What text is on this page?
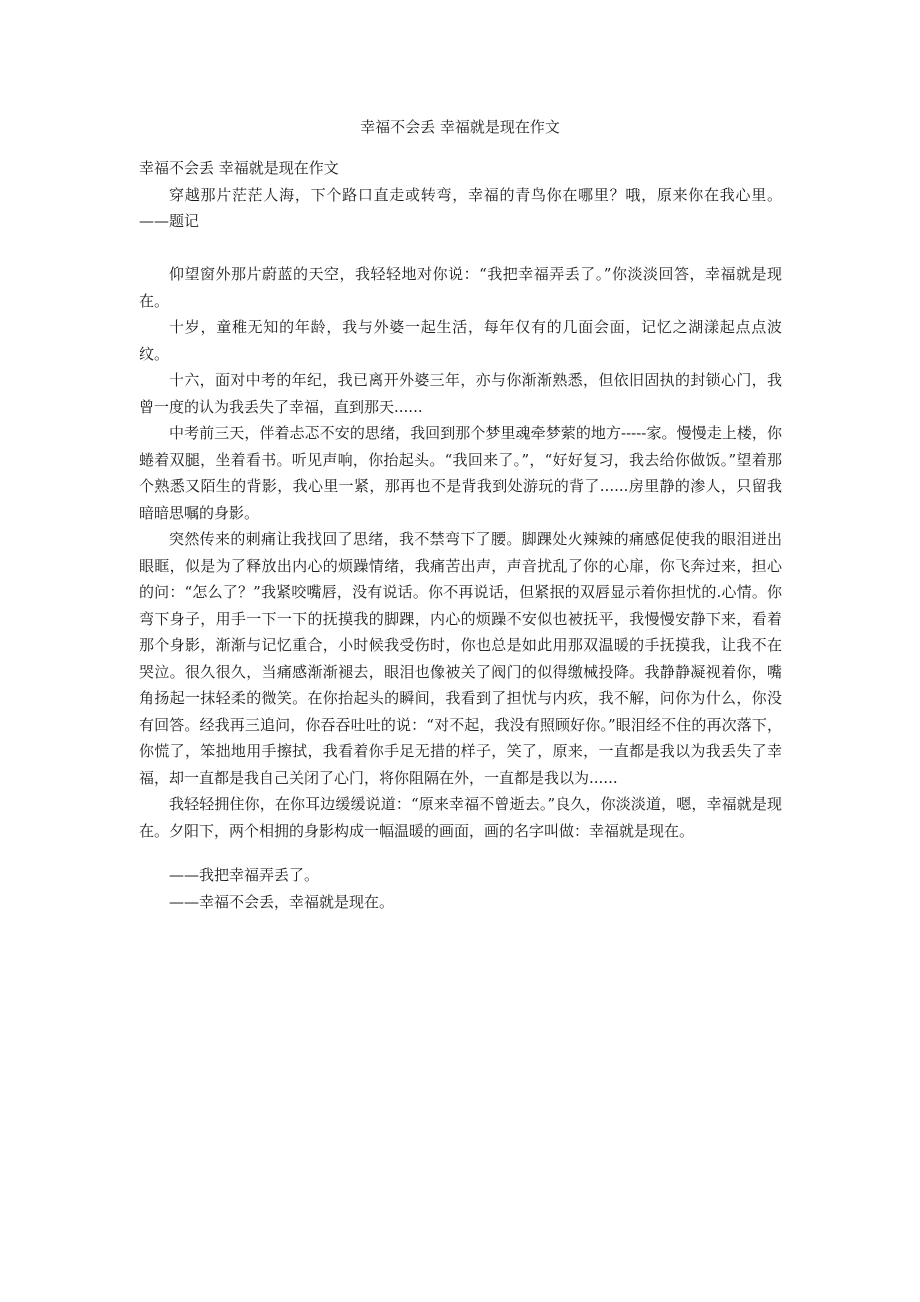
幸福不会丢 幸福就是现在作文

幸福不会丢 幸福就是现在作文

穿越那片茫茫人海，下个路口直走或转弯，幸福的青鸟你在哪里？哦，原来你在我心里。——题记

仰望窗外那片蔚蓝的天空，我轻轻地对你说：“我把幸福弄丢了。”你淡淡回答，幸福就是现在。

十岁，童稚无知的年龄，我与外婆一起生活，每年仅有的几面会面，记忆之湖漾起点点波纹。

十六，面对中考的年纪，我已离开外婆三年，亦与你渐渐熟悉，但依旧固执的封锁心门，我曾一度的认为我丢失了幸福，直到那天......

中考前三天，伴着忐忑不安的思绪，我回到那个梦里魂牵梦萦的地方-----家。慢慢走上楼，你蜷着双腿，坐着看书。听见声响，你抬起头。“我回来了。”，“好好复习，我去给你做饭。”望着那个熟悉又陌生的背影，我心里一紧，那再也不是背我到处游玩的背了......房里静的渗人，只留我暗暗思嘱的身影。

突然传来的刺痛让我找回了思绪，我不禁弯下了腰。脚踝处火辣辣的痛感促使我的眼泪迸出眼眶，似是为了释放出内心的烦躁情绪，我痛苦出声，声音扰乱了你的心扉，你飞奔过来，担心的问：“怎么了？”我紧咬嘴唇，没有说话。你不再说话，但紧抿的双唇显示着你担忧的.心情。你弯下身子，用手一下一下的抚摸我的脚踝，内心的烦躁不安似也被抚平，我慢慢安静下来，看着那个身影，渐渐与记忆重合，小时候我受伤时，你也总是如此用那双温暖的手抚摸我，让我不在哭泣。很久很久，当痛感渐渐褪去，眼泪也像被关了阀门的似得缴械投降。我静静凝视着你，嘴角扬起一抹轻柔的微笑。在你抬起头的瞬间，我看到了担忧与内疚，我不解，问你为什么，你没有回答。经我再三追问，你吞吞吐吐的说：“对不起，我没有照顾好你。”眼泪经不住的再次落下，你慌了，笨拙地用手擦拭，我看着你手足无措的样子，笑了，原来，一直都是我以为我丢失了幸福，却一直都是我自己关闭了心门，将你阻隔在外，一直都是我以为......

我轻轻拥住你，在你耳边缓缓说道：“原来幸福不曾逝去。”良久，你淡淡道，嗯，幸福就是现在。夕阳下，两个相拥的身影构成一幅温暖的画面，画的名字叫做：幸福就是现在。

——我把幸福弄丢了。

——幸福不会丢，幸福就是现在。
